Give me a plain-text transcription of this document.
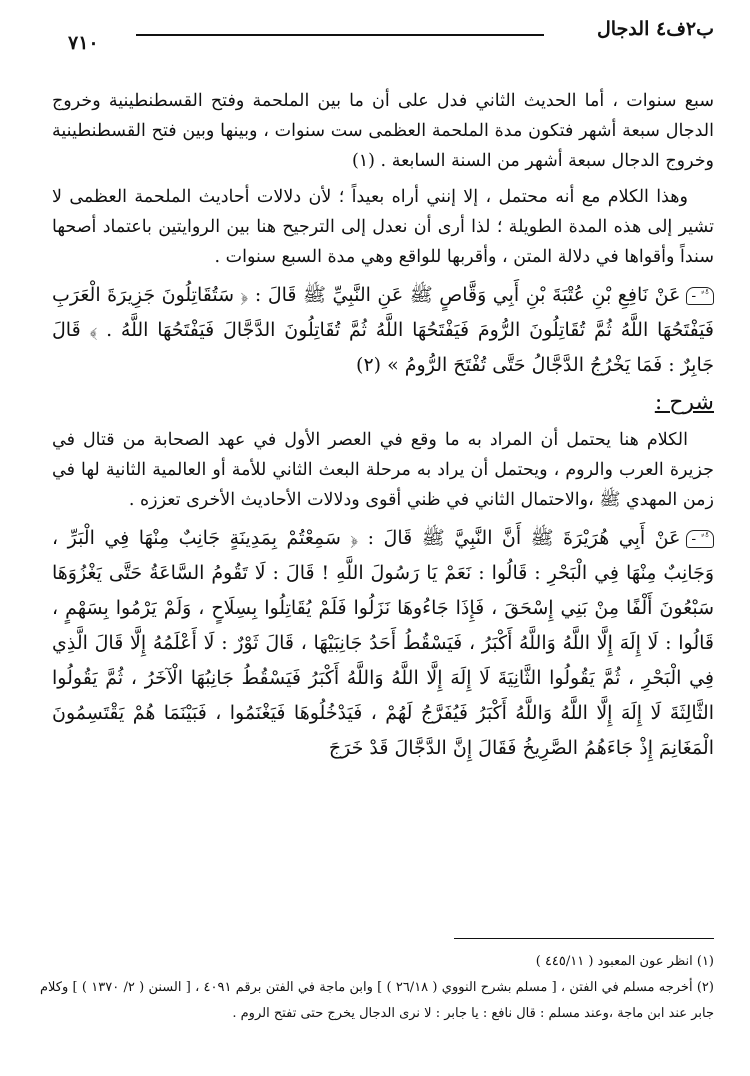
ب٢ف٤ الدجال
٧١٠

سبع سنوات ، أما الحديث الثاني فدل على أن ما بين الملحمة وفتح القسطنطينية وخروج الدجال سبعة أشهر فتكون مدة الملحمة العظمى ست سنوات ، وبينها وبين فتح القسطنطينية وخروج الدجال سبعة أشهر من السنة السابعة . (١)

وهذا الكلام مع أنه محتمل ، إلا إنني أراه بعيداً ؛ لأن دلالات أحاديث الملحمة العظمى لا تشير إلى هذه المدة الطويلة ؛ لذا أرى أن نعدل إلى الترجيح هنا بين الروايتين باعتماد أصحها سنداً وأقواها في دلالة المتن ، وأقربها للواقع وهي مدة السبع سنوات .

ﱡﱢ -عَنْ نَافِعِ بْنِ عُتْبَةَ بْنِ أَبِي وَقَّاصٍ ﷺ عَنِ النَّبِيِّ ﷺ قَالَ : ﴿ سَتُقَاتِلُونَ جَزِيرَةَ الْعَرَبِ فَيَفْتَحُهَا اللَّهُ ثُمَّ تُقَاتِلُونَ الرُّومَ فَيَفْتَحُهَا اللَّهُ ثُمَّ تُقَاتِلُونَ الدَّجَّالَ فَيَفْتَحُهَا اللَّهُ . ﴾ قَالَ جَابِرٌ : فَمَا يَخْرُجُ الدَّجَّالُ حَتَّى تُفْتَحَ الرُّومُ » (٢)

شرح :

الكلام هنا يحتمل أن المراد به ما وقع في العصر الأول في عهد الصحابة من قتال في جزيرة العرب والروم ، ويحتمل أن يراد به مرحلة البعث الثاني للأمة أو العالمية الثانية لها في زمن المهدي ﷺ ،والاحتمال الثاني في ظني أقوى ودلالات الأحاديث الأخرى تعززه .

ﱡﱢ -عَنْ أَبِي هُرَيْرَةَ ﷺ أَنَّ النَّبِيَّ ﷺ قَالَ : ﴿ سَمِعْتُمْ بِمَدِينَةٍ جَانِبٌ مِنْهَا فِي الْبَرِّ ، وَجَانِبٌ مِنْهَا فِي الْبَحْرِ : قَالُوا : نَعَمْ يَا رَسُولَ اللَّهِ ! قَالَ : لَا تَقُومُ السَّاعَةُ حَتَّى يَغْزُوَهَا سَبْعُونَ أَلْفًا مِنْ بَنِي إِسْحَقَ ، فَإِذَا جَاءُوهَا نَزَلُوا فَلَمْ يُقَاتِلُوا بِسِلَاحٍ ، وَلَمْ يَرْمُوا بِسَهْمٍ ، قَالُوا : لَا إِلَهَ إِلَّا اللَّهُ وَاللَّهُ أَكْبَرُ ، فَيَسْقُطُ أَحَدُ جَانِبَيْهَا ، قَالَ ثَوْرٌ : لَا أَعْلَمُهُ إِلَّا قَالَ الَّذِي فِي الْبَحْرِ ، ثُمَّ يَقُولُوا الثَّانِيَةَ لَا إِلَهَ إِلَّا اللَّهُ وَاللَّهُ أَكْبَرُ فَيَسْقُطُ جَانِبُهَا الْآخَرُ ، ثُمَّ يَقُولُوا الثَّالِثَةَ لَا إِلَهَ إِلَّا اللَّهُ وَاللَّهُ أَكْبَرُ فَيُفَرَّجُ لَهُمْ ، فَيَدْخُلُوهَا فَيَغْنَمُوا ، فَبَيْنَمَا هُمْ يَقْتَسِمُونَ الْمَغَانِمَ إِذْ جَاءَهُمُ الصَّرِيخُ فَقَالَ إِنَّ الدَّجَّالَ قَدْ خَرَجَ

(١) انظر عون المعبود ( ٤٤٥/١١ )

(٢) أخرجه مسلم في الفتن ، [ مسلم بشرح النووي ( ٢٦/١٨ ) ] وابن ماجة في الفتن برقم ٤٠٩١ ، [ السنن ( ٢/ ١٣٧٠ ) ] وكلام جابر عند ابن ماجة ،وعند مسلم : قال نافع : يا جابر : لا نرى الدجال يخرج حتى تفتح الروم .
